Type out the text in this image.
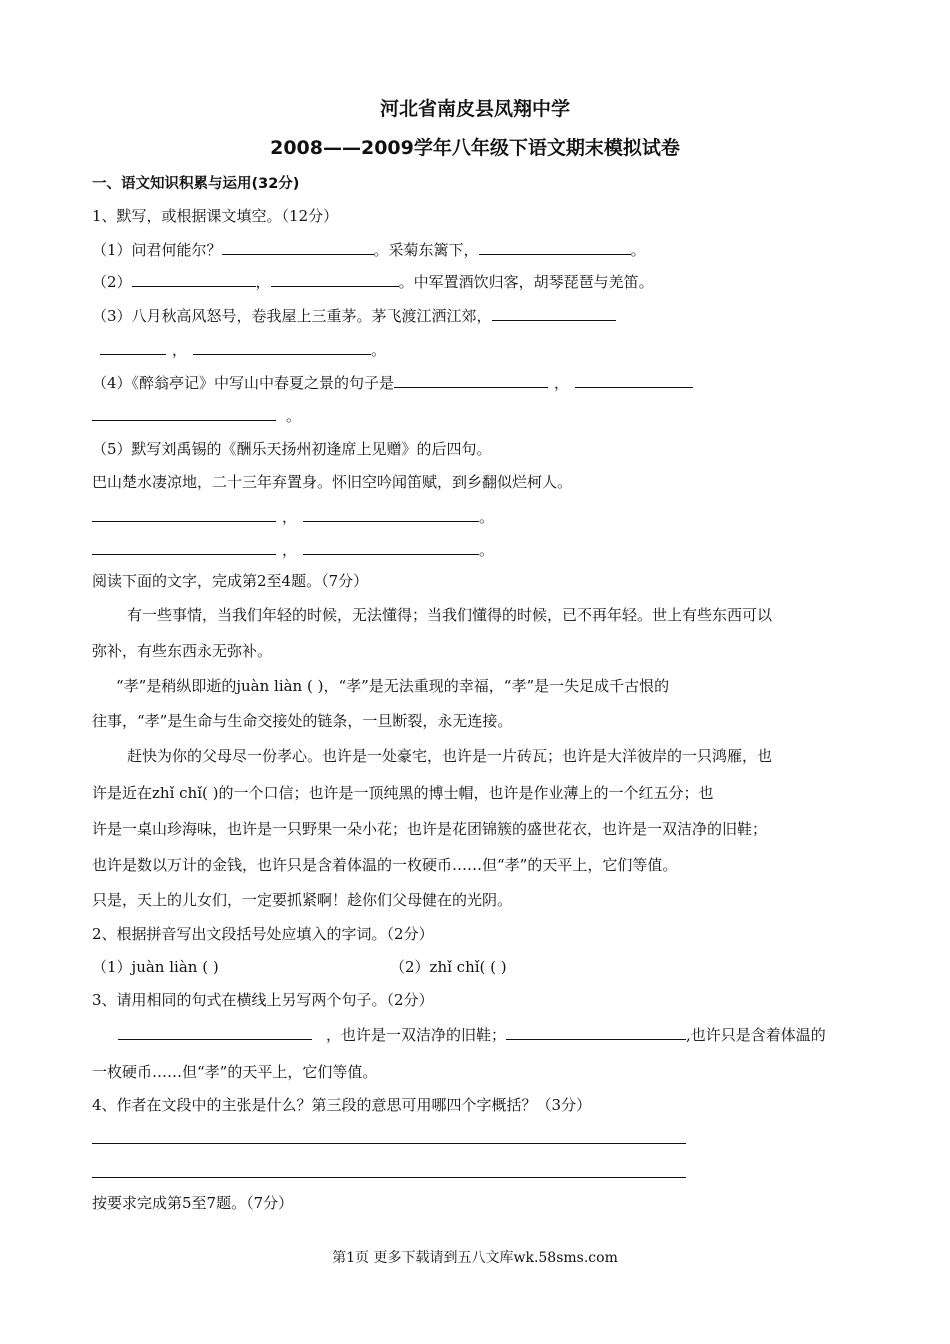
河北省南皮县凤翔中学
2008——2009学年八年级下语文期末模拟试卷
一、语文知识积累与运用(32分)
1、默写，或根据课文填空。（12分）
（1）问君何能尔？	。采菊东篱下，	。
（2）	，	。中军置酒饮归客，胡琴琵琶与羌笛。
（3）八月秋高风怒号，卷我屋上三重茅。茅飞渡江洒江郊，
，	。
（4）《醉翁亭记》中写山中春夏之景的句子是	，
。
（5）默写刘禹锡的《酬乐天扬州初逢席上见赠》的后四句。
巴山楚水凄凉地，二十三年弃置身。怀旧空吟闻笛赋，到乡翻似烂柯人。
，	。
，	。
阅读下面的文字，完成第2至4题。（7分）
有一些事情，当我们年轻的时候，无法懂得；当我们懂得的时候，已不再年轻。世上有些东西可以
弥补，有些东西永无弥补。
“孝”是稍纵即逝的juàn liàn ( )，“孝”是无法重现的幸福，“孝”是一失足成千古恨的
往事，“孝”是生命与生命交接处的链条，一旦断裂，永无连接。
赶快为你的父母尽一份孝心。也许是一处豪宅，也许是一片砖瓦；也许是大洋彼岸的一只鸿雁，也
许是近在zhǐ chǐ( )的一个口信；也许是一顶纯黑的博士帽，也许是作业薄上的一个红五分；也
许是一桌山珍海味，也许是一只野果一朵小花；也许是花团锦簇的盛世花衣，也许是一双洁净的旧鞋；
也许是数以万计的金钱，也许只是含着体温的一枚硬币……但“孝”的天平上，它们等值。
只是，天上的儿女们，一定要抓紧啊！趁你们父母健在的光阴。
2、根据拼音写出文段括号处应填入的字词。（2分）
（1）juàn liàn ( )	（2）zhǐ chǐ( ( )
3、请用相同的句式在横线上另写两个句子。（2分）
，也许是一双洁净的旧鞋；	,也许只是含着体温的
一枚硬币……但“孝”的天平上，它们等值。
4、作者在文段中的主张是什么？第三段的意思可用哪四个字概括？（3分）
按要求完成第5至7题。（7分）
第1页 更多下载请到五八文库wk.58sms.com
